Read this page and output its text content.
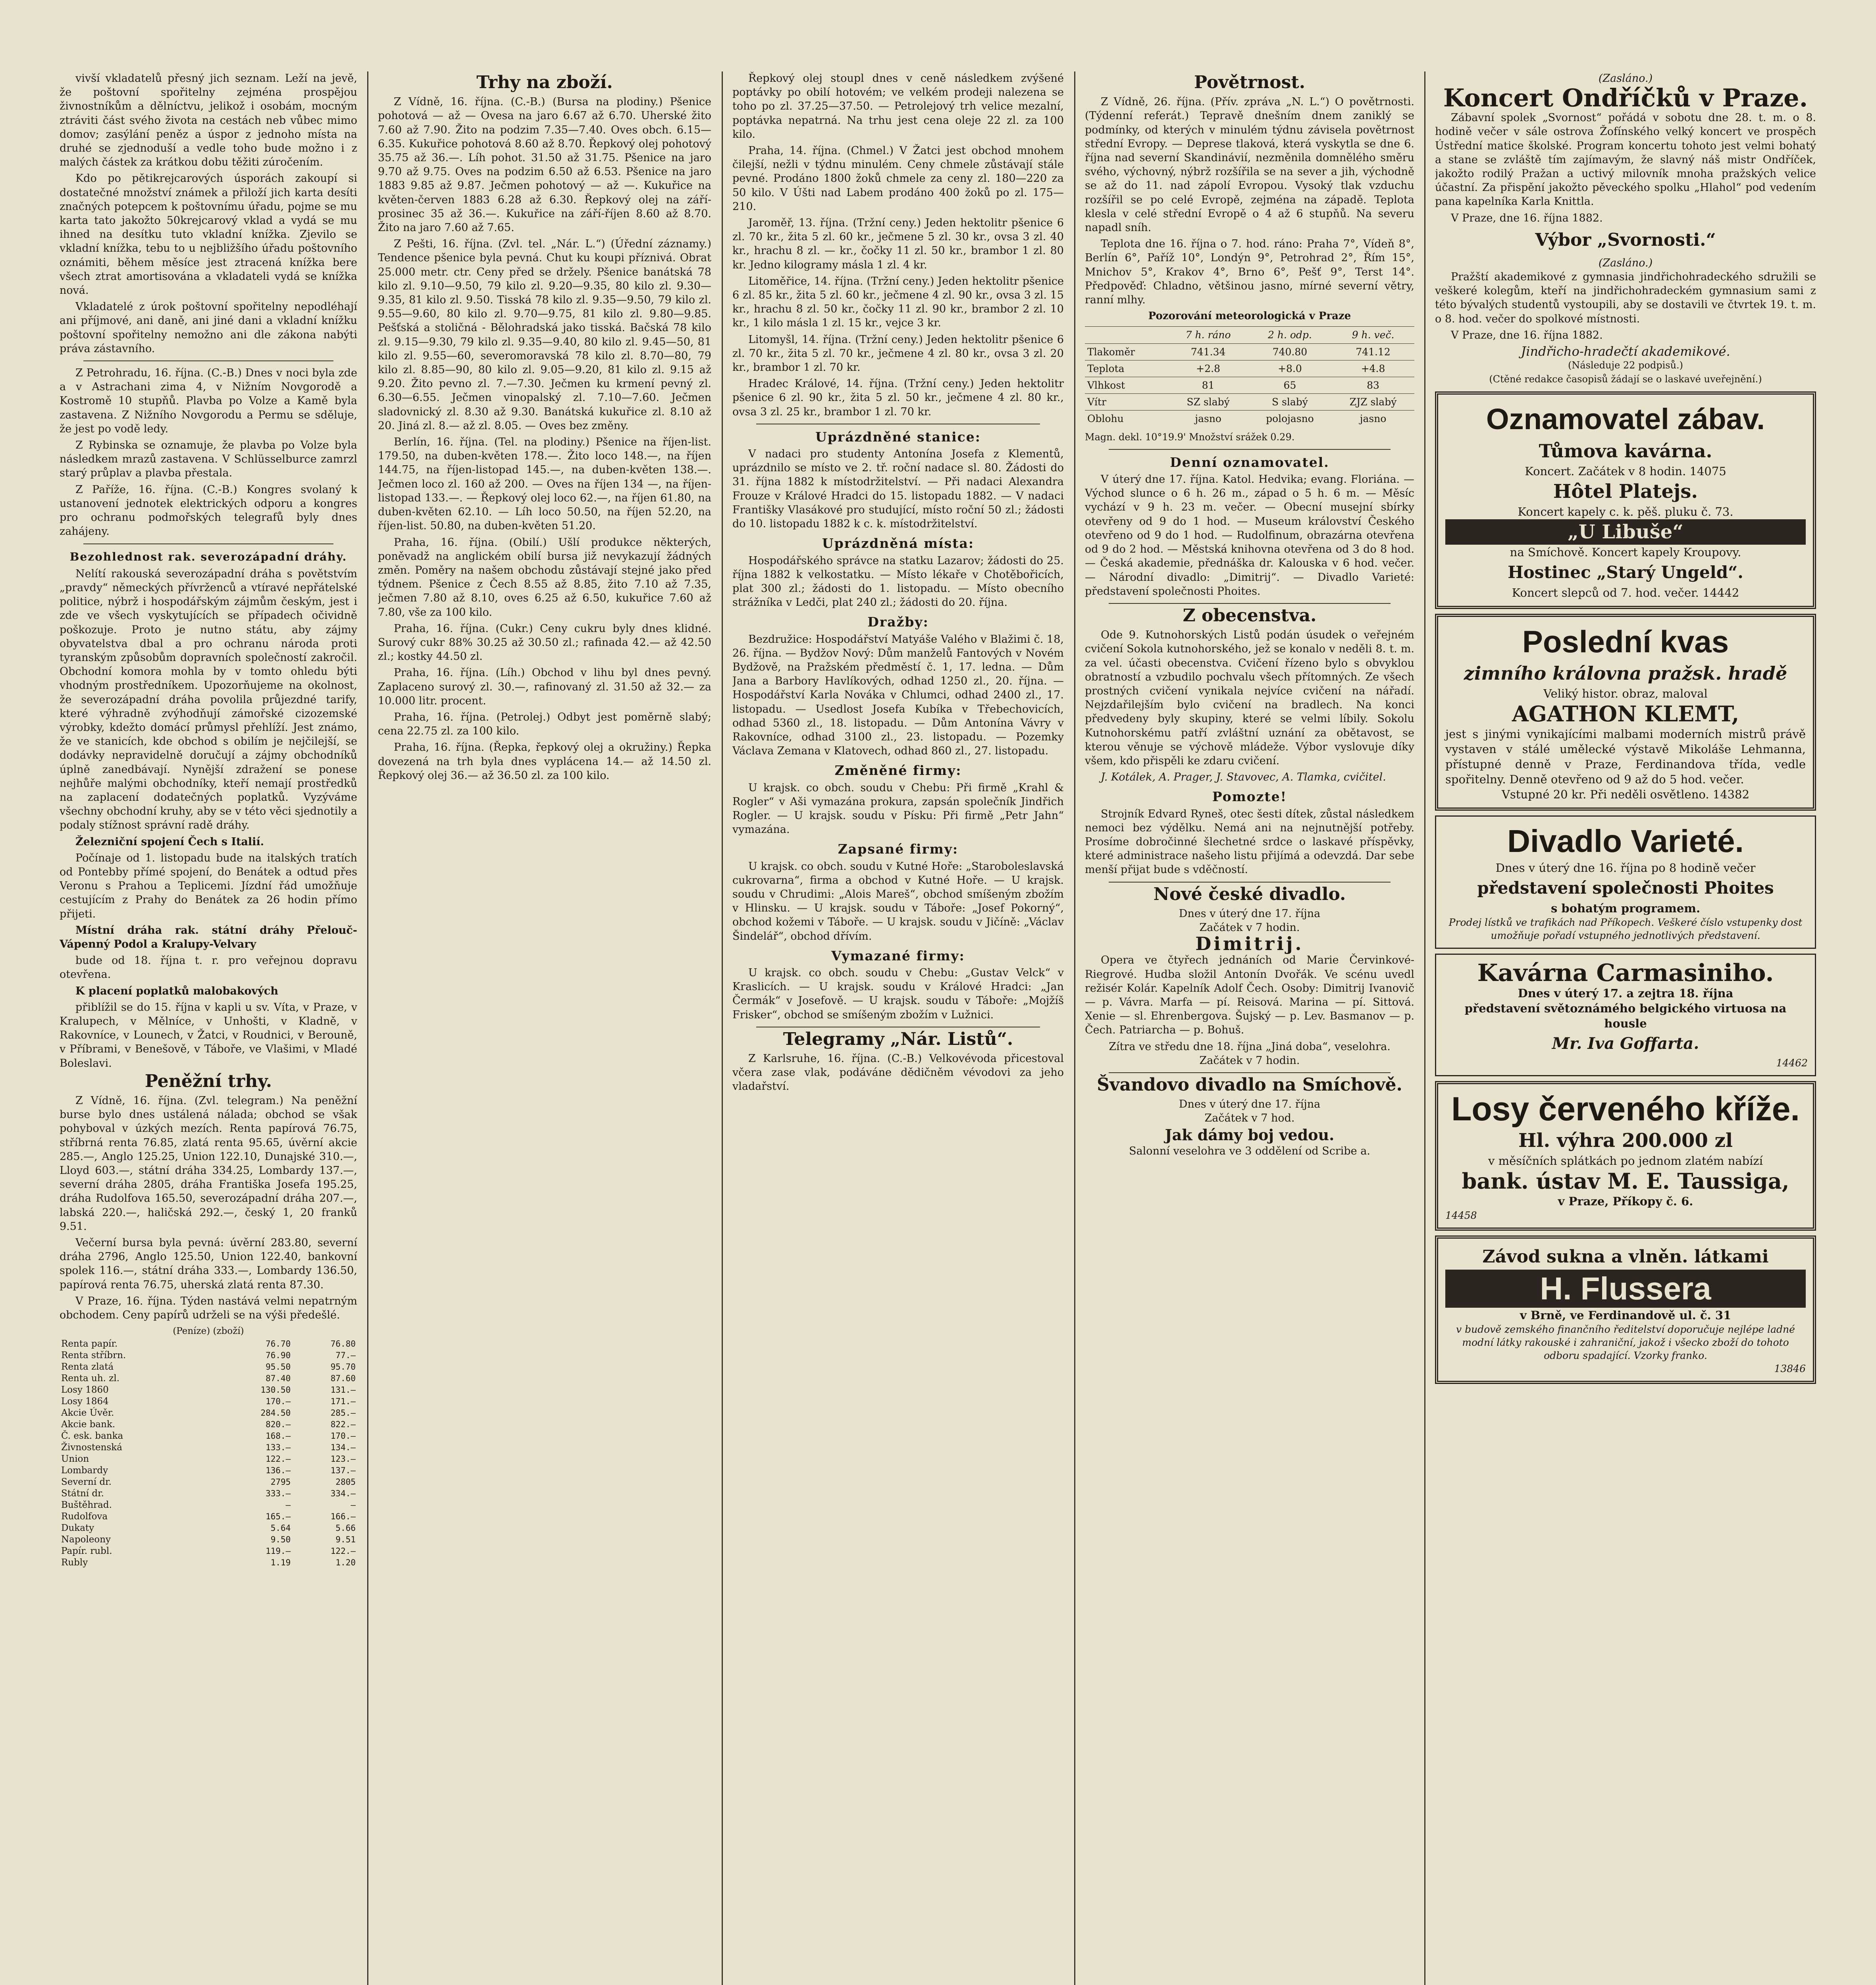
vivší vkladatelů přesný jich seznam. Leží na jevě, že poštovní spořitelny zejména prospějou živnostníkům a dělníctvu, jelikož i osobám, mocným ztráviti část svého života na cestách neb vůbec mimo domov; zasýlání peněz a úspor z jednoho místa na druhé se zjednoduší a vedle toho bude možno i z malých částek za krátkou dobu těžiti zúročením.

Kdo po pětikrejcarových úsporách zakoupí si dostatečné množství známek a přiloží jich karta desíti značných potepcem k poštovnímu úřadu, pojme se mu karta tato jakožto 50krejcarový vklad a vydá se mu ihned na desítku tuto vkladní knížka. Zjevilo se vkladní knížka, tebu to u nejbližšího úřadu poštovního oznámiti, během měsíce jest ztracená knížka bere všech ztrat amortisována a vkladateli vydá se knížka nová.

Vkladatelé z úrok poštovní spořitelny nepodléhají ani příjmové, ani daně, ani jiné dani a vkladní knížku poštovní spořitelny nemožno ani dle zákona nabýti práva zástavního.

Z Petrohradu, 16. října. (C.-B.) Dnes v noci byla zde a v Astrachani zima 4, v Nižním Novgorodě a Kostromě 10 stupňů. Plavba po Volze a Kamě byla zastavena. Z Nižního Novgorodu a Permu se sděluje, že jest po vodě ledy.

Z Rybinska se oznamuje, že plavba po Volze byla následkem mrazů zastavena. V Schlüsselburce zamrzl starý průplav a plavba přestala.

Z Paříže, 16. října. (C.-B.) Kongres svolaný k ustanovení jednotek elektrických odporu a kongres pro ochranu podmořských telegrafů byly dnes zahájeny.

Bezohlednost rak. severozápadní dráhy.

Nelítí rakouská severozápadní dráha s povětstvím „pravdy“ německých přívrženců a vtíravé nepřátelské politice, nýbrž i hospodářským zájmům českým, jest i zde ve všech vyskytujících se případech očividně poškozuje. Proto je nutno státu, aby zájmy obyvatelstva dbal a pro ochranu národa proti tyranským způsobům dopravních společností zakročil. Obchodní komora mohla by v tomto ohledu býti vhodným prostředníkem. Upozorňujeme na okolnost, že severozápadní dráha povolila průjezdné tarify, které výhradně zvýhodňují zámořské cizozemské výrobky, kdežto domácí průmysl přehlíží. Jest známo, že ve stanicích, kde obchod s obilím je nejčilejší, se dodávky nepravidelně doručují a zájmy obchodníků úplně zanedbávají. Nynější zdražení se ponese nejhůře malými obchodníky, kteří nemají prostředků na zaplacení dodatečných poplatků. Vyzýváme všechny obchodní kruhy, aby se v této věci sjednotily a podaly stížnost správní radě dráhy.

Železniční spojení Čech s Italií.

Počínaje od 1. listopadu bude na italských tratích od Pontebby přímé spojení, do Benátek a odtud přes Veronu s Prahou a Teplicemi. Jízdní řád umožňuje cestujícím z Prahy do Benátek za 26 hodin přímo přijeti.

Místní dráha rak. státní dráhy Přelouč-Vápenný Podol a Kralupy-Velvary

bude od 18. října t. r. pro veřejnou dopravu otevřena.

K placení poplatků malobakových

přiblížil se do 15. října v kapli u sv. Víta, v Praze, v Kralupech, v Mělníce, v Unhošti, v Kladně, v Rakovníce, v Lounech, v Žatci, v Roudnici, v Berouně, v Příbrami, v Benešově, v Táboře, ve Vlašimi, v Mladé Boleslavi.

Peněžní trhy.

Z Vídně, 16. října. (Zvl. telegram.) Na peněžní burse bylo dnes ustálená nálada; obchod se však pohyboval v úzkých mezích. Renta papírová 76.75, stříbrná renta 76.85, zlatá renta 95.65, úvěrní akcie 285.—, Anglo 125.25, Union 122.10, Dunajské 310.—, Lloyd 603.—, státní dráha 334.25, Lombardy 137.—, severní dráha 2805, dráha Františka Josefa 195.25, dráha Rudolfova 165.50, severozápadní dráha 207.—, labská 220.—, haličská 292.—, český 1, 20 franků 9.51.

Večerní bursa byla pevná: úvěrní 283.80, severní dráha 2796, Anglo 125.50, Union 122.40, bankovní spolek 116.—, státní dráha 333.—, Lombardy 136.50, papírová renta 76.75, uherská zlatá renta 87.30.

V Praze, 16. října. Týden nastává velmi nepatrným obchodem. Ceny papírů udrželi se na výši předešlé.

(Peníze) (zboží)
Renta papír.	76.70	76.80
Renta stříbrn.	76.90	77.—
Renta zlatá	95.50	95.70
Renta uh. zl.	87.40	87.60
Losy 1860	130.50	131.—
Losy 1864	170.—	171.—
Akcie Úvěr.	284.50	285.—
Akcie bank.	820.—	822.—
Č. esk. banka	168.—	170.—
Živnostenská	133.—	134.—
Union	122.—	123.—
Lombardy	136.—	137.—
Severní dr.	2795	2805
Státní dr.	333.—	334.—
Buštěhrad.	—	—
Rudolfova	165.—	166.—
Dukaty	5.64	5.66
Napoleony	9.50	9.51
Papír. rubl.	119.—	122.—
Rubly	1.19	1.20
Trhy na zboží.

Z Vídně, 16. října. (C.-B.) (Bursa na plodiny.) Pšenice pohotová — až — Ovesa na jaro 6.67 až 6.70. Uherské žito 7.60 až 7.90. Žito na podzim 7.35—7.40. Oves obch. 6.15—6.35. Kukuřice pohotová 8.60 až 8.70. Řepkový olej pohotový 35.75 až 36.—. Líh pohot. 31.50 až 31.75. Pšenice na jaro 9.70 až 9.75. Oves na podzim 6.50 až 6.53. Pšenice na jaro 1883 9.85 až 9.87. Ječmen pohotový — až —. Kukuřice na květen-červen 1883 6.28 až 6.30. Řepkový olej na září-prosinec 35 až 36.—. Kukuřice na září-říjen 8.60 až 8.70. Žito na jaro 7.60 až 7.65.

Z Pešti, 16. října. (Zvl. tel. „Nár. L.“) (Úřední záznamy.) Tendence pšenice byla pevná. Chut ku koupi příznivá. Obrat 25.000 metr. ctr. Ceny před se držely. Pšenice banátská 78 kilo zl. 9.10—9.50, 79 kilo zl. 9.20—9.35, 80 kilo zl. 9.30—9.35, 81 kilo zl. 9.50. Tisská 78 kilo zl. 9.35—9.50, 79 kilo zl. 9.55—9.60, 80 kilo zl. 9.70—9.75, 81 kilo zl. 9.80—9.85. Pešťská a stoličná - Bělohradská jako tisská. Bačská 78 kilo zl. 9.15—9.30, 79 kilo zl. 9.35—9.40, 80 kilo zl. 9.45—50, 81 kilo zl. 9.55—60, severomoravská 78 kilo zl. 8.70—80, 79 kilo zl. 8.85—90, 80 kilo zl. 9.05—9.20, 81 kilo zl. 9.15 až 9.20. Žito pevno zl. 7.—7.30. Ječmen ku krmení pevný zl. 6.30—6.55. Ječmen vinopalský zl. 7.10—7.60. Ječmen sladovnický zl. 8.30 až 9.30. Banátská kukuřice zl. 8.10 až 20. Jiná zl. 8.— až zl. 8.05. — Oves bez změny.

Berlín, 16. října. (Tel. na plodiny.) Pšenice na říjen-list. 179.50, na duben-květen 178.—. Žito loco 148.—, na říjen 144.75, na říjen-listopad 145.—, na duben-květen 138.—. Ječmen loco zl. 160 až 200. — Oves na říjen 134 —, na říjen-listopad 133.—. — Řepkový olej loco 62.—, na říjen 61.80, na duben-květen 62.10. — Líh loco 50.50, na říjen 52.20, na říjen-list. 50.80, na duben-květen 51.20.

Praha, 16. října. (Obilí.) Ušlí produkce některých, poněvadž na anglickém obilí bursa již nevykazují žádných změn. Poměry na našem obchodu zůstávají stejné jako před týdnem. Pšenice z Čech 8.55 až 8.85, žito 7.10 až 7.35, ječmen 7.80 až 8.10, oves 6.25 až 6.50, kukuřice 7.60 až 7.80, vše za 100 kilo.

Praha, 16. října. (Cukr.) Ceny cukru byly dnes klidné. Surový cukr 88% 30.25 až 30.50 zl.; rafinada 42.— až 42.50 zl.; kostky 44.50 zl.

Praha, 16. října. (Líh.) Obchod v lihu byl dnes pevný. Zaplaceno surový zl. 30.—, rafinovaný zl. 31.50 až 32.— za 10.000 litr. procent.

Praha, 16. října. (Petrolej.) Odbyt jest poměrně slabý; cena 22.75 zl. za 100 kilo.

Praha, 16. října. (Řepka, řepkový olej a okružiny.) Řepka dovezená na trh byla dnes vyplácena 14.— až 14.50 zl. Řepkový olej 36.— až 36.50 zl. za 100 kilo.

Řepkový olej stoupl dnes v ceně následkem zvýšené poptávky po obilí hotovém; ve velkém prodeji nalezena se toho po zl. 37.25—37.50. — Petrolejový trh velice mezalní, poptávka nepatrná. Na trhu jest cena oleje 22 zl. za 100 kilo.

Praha, 14. října. (Chmel.) V Žatci jest obchod mnohem čilejší, nežli v týdnu minulém. Ceny chmele zůstávají stále pevné. Prodáno 1800 žoků chmele za ceny zl. 180—220 za 50 kilo. V Úšti nad Labem prodáno 400 žoků po zl. 175—210.

Jaroměř, 13. října. (Tržní ceny.) Jeden hektolitr pšenice 6 zl. 70 kr., žita 5 zl. 60 kr., ječmene 5 zl. 30 kr., ovsa 3 zl. 40 kr., hrachu 8 zl. — kr., čočky 11 zl. 50 kr., brambor 1 zl. 80 kr. Jedno kilogramy másla 1 zl. 4 kr.

Litoměřice, 14. října. (Tržní ceny.) Jeden hektolitr pšenice 6 zl. 85 kr., žita 5 zl. 60 kr., ječmene 4 zl. 90 kr., ovsa 3 zl. 15 kr., hrachu 8 zl. 50 kr., čočky 11 zl. 90 kr., brambor 2 zl. 10 kr., 1 kilo másla 1 zl. 15 kr., vejce 3 kr.

Litomyšl, 14. října. (Tržní ceny.) Jeden hektolitr pšenice 6 zl. 70 kr., žita 5 zl. 70 kr., ječmene 4 zl. 80 kr., ovsa 3 zl. 20 kr., brambor 1 zl. 70 kr.

Hradec Králové, 14. října. (Tržní ceny.) Jeden hektolitr pšenice 6 zl. 90 kr., žita 5 zl. 50 kr., ječmene 4 zl. 80 kr., ovsa 3 zl. 25 kr., brambor 1 zl. 70 kr.

Uprázdněné stanice:

V nadaci pro studenty Antonína Josefa z Klementů, uprázdnilo se místo ve 2. tř. roční nadace sl. 80. Žádosti do 31. října 1882 k místodržitelství. — Při nadaci Alexandra Frouze v Králové Hradci do 15. listopadu 1882. — V nadaci Františky Vlasákové pro studující, místo roční 50 zl.; žádosti do 10. listopadu 1882 k c. k. místodržitelství.

Uprázdněná místa:

Hospodářského správce na statku Lazarov; žádosti do 25. října 1882 k velkostatku. — Místo lékaře v Chotěbořicích, plat 300 zl.; žádosti do 1. listopadu. — Místo obecního strážníka v Ledči, plat 240 zl.; žádosti do 20. října.

Dražby:

Bezdružice: Hospodářství Matyáše Valého v Blažimi č. 18, 26. října. — Bydžov Nový: Dům manželů Fantových v Novém Bydžově, na Pražském předměstí č. 1, 17. ledna. — Dům Jana a Barbory Havlíkových, odhad 1250 zl., 20. října. — Hospodářství Karla Nováka v Chlumci, odhad 2400 zl., 17. listopadu. — Usedlost Josefa Kubíka v Třebechovicích, odhad 5360 zl., 18. listopadu. — Dům Antonína Vávry v Rakovníce, odhad 3100 zl., 23. listopadu. — Pozemky Václava Zemana v Klatovech, odhad 860 zl., 27. listopadu.

Změněné firmy:

U krajsk. co obch. soudu v Chebu: Při firmě „Krahl & Rogler“ v Aši vymazána prokura, zapsán společník Jindřich Rogler. — U krajsk. soudu v Písku: Při firmě „Petr Jahn“ vymazána.

Zapsané firmy:

U krajsk. co obch. soudu v Kutné Hoře: „Staroboleslavská cukrovarna“, firma a obchod v Kutné Hoře. — U krajsk. soudu v Chrudimi: „Alois Mareš“, obchod smíšeným zbožím v Hlinsku. — U krajsk. soudu v Táboře: „Josef Pokorný“, obchod kožemi v Táboře. — U krajsk. soudu v Jičíně: „Václav Šindelář“, obchod dřívím.

Vymazané firmy:

U krajsk. co obch. soudu v Chebu: „Gustav Velck“ v Kraslicích. — U krajsk. soudu v Králové Hradci: „Jan Čermák“ v Josefově. — U krajsk. soudu v Táboře: „Mojžíš Frisker“, obchod se smíšeným zbožím v Lužnici.

Telegramy „Nár. Listů“.

Z Karlsruhe, 16. října. (C.-B.) Velkovévoda přicestoval včera zase vlak, podáváne dědičněm vévodovi za jeho vladařství.

Povětrnost.

Z Vídně, 26. října. (Přív. zpráva „N. L.“) O povětrnosti. (Týdenní referát.) Tepravě dnešním dnem zaniklý se podmínky, od kterých v minulém týdnu závisela povětrnost střední Evropy. — Deprese tlaková, která vyskytla se dne 6. října nad severní Skandinávií, nezměnila domnělého směru svého, výchovný, nýbrž rozšířila se na sever a jih, východně se až do 11. nad zápolí Evropou. Vysoký tlak vzduchu rozšířil se po celé Evropě, zejména na západě. Teplota klesla v celé střední Evropě o 4 až 6 stupňů. Na severu napadl sníh.

Teplota dne 16. října o 7. hod. ráno: Praha 7°, Vídeň 8°, Berlín 6°, Paříž 10°, Londýn 9°, Petrohrad 2°, Řím 15°, Mnichov 5°, Krakov 4°, Brno 6°, Pešť 9°, Terst 14°. Předpověď: Chladno, většinou jasno, mírné severní větry, ranní mlhy.

Pozorování meteorologická v Praze
	7 h. ráno	2 h. odp.	9 h. več.
Tlakoměr	741.34	740.80	741.12
Teplota	+2.8	+8.0	+4.8
Vlhkost	81	65	83
Vítr	SZ slabý	S slabý	ZJZ slabý
Oblohu	jasno	polojasno	jasno
Magn. dekl. 10°19.9' Množství srážek 0.29.
Denní oznamovatel.

V úterý dne 17. října. Katol. Hedvika; evang. Floriána. — Východ slunce o 6 h. 26 m., západ o 5 h. 6 m. — Měsíc vychází v 9 h. 23 m. večer. — Obecní musejní sbírky otevřeny od 9 do 1 hod. — Museum království Českého otevřeno od 9 do 1 hod. — Rudolfinum, obrazárna otevřena od 9 do 2 hod. — Městská knihovna otevřena od 3 do 8 hod. — Česká akademie, přednáška dr. Kalouska v 6 hod. večer. — Národní divadlo: „Dimitrij“. — Divadlo Varieté: představení společnosti Phoites.

Z obecenstva.

Ode 9. Kutnohorských Listů podán úsudek o veřejném cvičení Sokola kutnohorského, jež se konalo v neděli 8. t. m. za vel. účasti obecenstva. Cvičení řízeno bylo s obvyklou obratností a vzbudilo pochvalu všech přítomných. Ze všech prostných cvičení vynikala nejvíce cvičení na nářadí. Nejzdařilejším bylo cvičení na bradlech. Na konci předvedeny byly skupiny, které se velmi líbily. Sokolu Kutnohorskému patří zvláštní uznání za obětavost, se kterou věnuje se výchově mládeže. Výbor vyslovuje díky všem, kdo přispěli ke zdaru cvičení.

J. Kotálek, A. Prager, J. Stavovec, A. Tlamka, cvičitel.

Pomozte!

Strojník Edvard Ryneš, otec šesti dítek, zůstal následkem nemoci bez výdělku. Nemá ani na nejnutnější potřeby. Prosíme dobročinné šlechetné srdce o laskavé příspěvky, které administrace našeho listu přijímá a odevzdá. Dar sebe menší přijat bude s vděčností.

Nové české divadlo.
Dnes v úterý dne 17. října
Začátek v 7 hodin.
Dimitrij.

Opera ve čtyřech jednáních od Marie Červinkové-Riegrové. Hudba složil Antonín Dvořák. Ve scénu uvedl režisér Kolár. Kapelník Adolf Čech. Osoby: Dimitrij Ivanovič — p. Vávra. Marfa — pí. Reisová. Marina — pí. Sittová. Xenie — sl. Ehrenbergova. Šujský — p. Lev. Basmanov — p. Čech. Patriarcha — p. Bohuš.

Zítra ve středu dne 18. října „Jiná doba“, veselohra.
Začátek v 7 hodin.
Švandovo divadlo na Smíchově.
Dnes v úterý dne 17. října
Začátek v 7 hod.
Jak dámy boj vedou.
Salonní veselohra ve 3 oddělení od Scribe a.
(Zasláno.)
Koncert Ondříčků v Praze.

Zábavní spolek „Svornost“ pořádá v sobotu dne 28. t. m. o 8. hodině večer v sále ostrova Žofínského velký koncert ve prospěch Ústřední matice školské. Program koncertu tohoto jest velmi bohatý a stane se zvláště tím zajímavým, že slavný náš mistr Ondříček, jakožto rodilý Pražan a uctivý milovník mnoha pražských velice účastní. Za přispění jakožto pěveckého spolku „Hlahol“ pod vedením pana kapelníka Karla Knittla.

V Praze, dne 16. října 1882.

Výbor „Svornosti.“
(Zasláno.)

Pražští akademikové z gymnasia jindřichohradeckého sdružili se veškeré kolegům, kteří na jindřichohradeckém gymnasium sami z této bývalých studentů vystoupili, aby se dostavili ve čtvrtek 19. t. m. o 8. hod. večer do spolkové místnosti.

V Praze, dne 16. října 1882.

Jindřicho-hradečtí akademikové.
(Následuje 22 podpisů.)
(Ctěné redakce časopisů žádají se o laskavé uveřejnění.)
Oznamovatel zábav.
Tůmova kavárna.
Koncert. Začátek v 8 hodin. 14075
Hôtel Platejs.
Koncert kapely c. k. pěš. pluku č. 73.
„U Libuše“
na Smíchově. Koncert kapely Kroupovy.
Hostinec „Starý Ungeld“.
Koncert slepců od 7. hod. večer. 14442
Poslední kvas
zimního královna pražsk. hradě
Veliký histor. obraz, maloval
AGATHON KLEMT,
jest s jinými vynikajícími malbami moderních mistrů právě vystaven v stálé umělecké výstavě Mikoláše Lehmanna, přístupné denně v Praze, Ferdinandova třída, vedle spořitelny. Denně otevřeno od 9 až do 5 hod. večer.
Vstupné 20 kr. Při neděli osvětleno. 14382
Divadlo Varieté.
Dnes v úterý dne 16. října po 8 hodině večer
představení společnosti Phoites
s bohatým programem.
Prodej lístků ve trafikách nad Příkopech. Veškeré číslo vstupenky dost umožňuje pořadí vstupného jednotlivých představení.
Kavárna Carmasiniho.
Dnes v úterý 17. a zejtra 18. října
představení světoznámého belgického virtuosa na housle
Mr. Iva Goffarta.
14462
Losy červeného kříže.
Hl. výhra 200.000 zl
v měsíčních splátkách po jednom zlatém nabízí
bank. ústav M. E. Taussiga,
v Praze, Příkopy č. 6.
14458
Závod sukna a vlněn. látkami
H. Flussera
v Brně, ve Ferdinandově ul. č. 31
v budově zemského finančního ředitelství doporučuje nejlépe ladné modní látky rakouské i zahraniční, jakož i všecko zboží do tohoto odboru spadající. Vzorky franko.
13846
